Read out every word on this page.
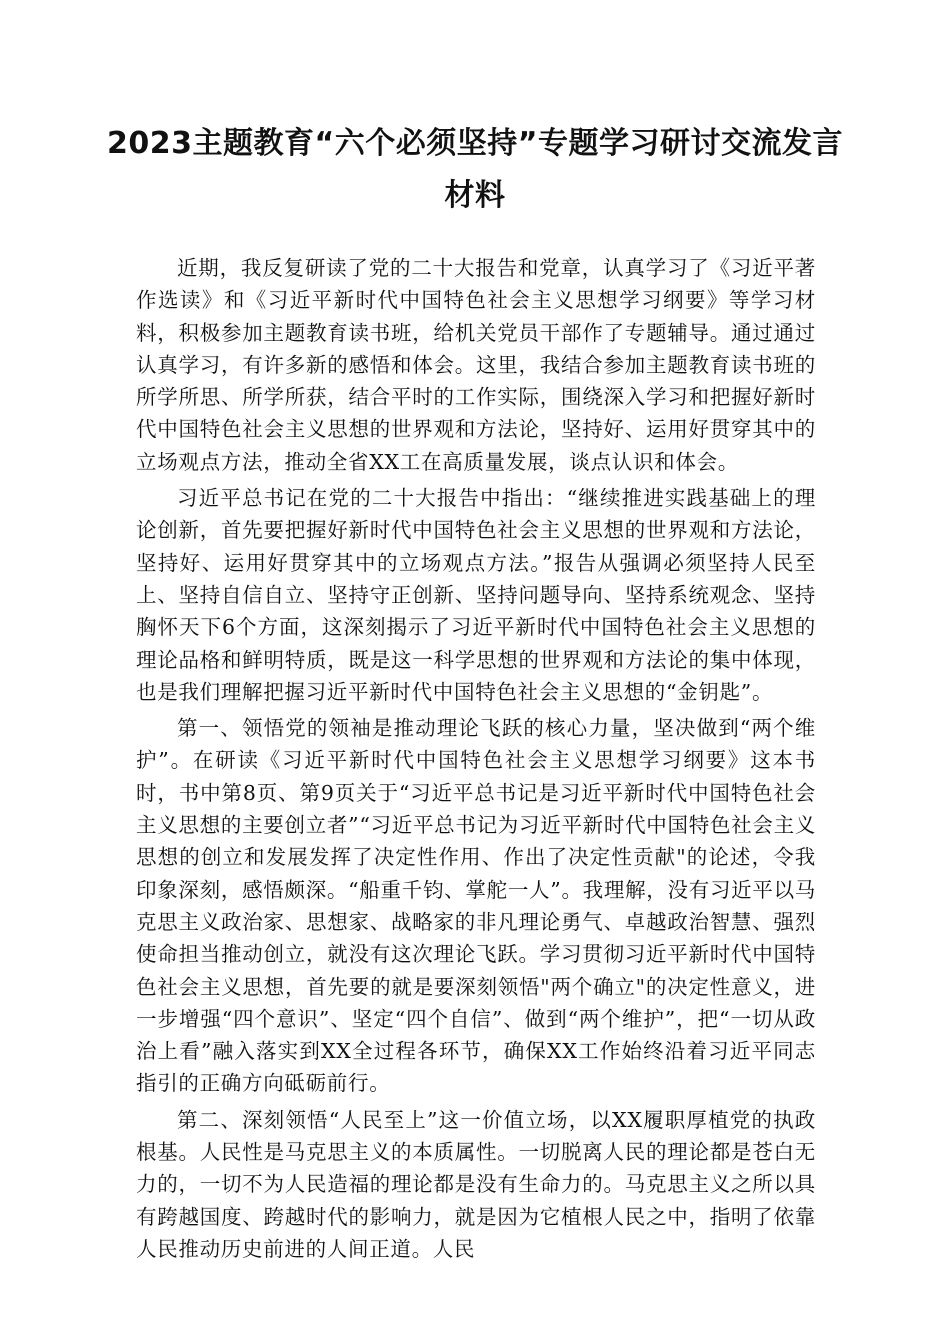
2023主题教育“六个必须坚持”专题学习研讨交流发言材料

近期，我反复研读了党的二十大报告和党章，认真学习了《习近平著作选读》和《习近平新时代中国特色社会主义思想学习纲要》等学习材料，积极参加主题教育读书班，给机关党员干部作了专题辅导。通过通过认真学习，有许多新的感悟和体会。这里，我结合参加主题教育读书班的所学所思、所学所获，结合平时的工作实际，围绕深入学习和把握好新时代中国特色社会主义思想的世界观和方法论，坚持好、运用好贯穿其中的立场观点方法，推动全省XX工在高质量发展，谈点认识和体会。

习近平总书记在党的二十大报告中指出：“继续推进实践基础上的理论创新，首先要把握好新时代中国特色社会主义思想的世界观和方法论，坚持好、运用好贯穿其中的立场观点方法。”报告从强调必须坚持人民至上、坚持自信自立、坚持守正创新、坚持问题导向、坚持系统观念、坚持胸怀天下6个方面，这深刻揭示了习近平新时代中国特色社会主义思想的理论品格和鲜明特质，既是这一科学思想的世界观和方法论的集中体现，也是我们理解把握习近平新时代中国特色社会主义思想的“金钥匙”。

第一、领悟党的领袖是推动理论飞跃的核心力量，坚决做到“两个维护”。在研读《习近平新时代中国特色社会主义思想学习纲要》这本书时，书中第8页、第9页关于“习近平总书记是习近平新时代中国特色社会主义思想的主要创立者”“习近平总书记为习近平新时代中国特色社会主义思想的创立和发展发挥了决定性作用、作出了决定性贡献"的论述，令我印象深刻，感悟颇深。“船重千钧、掌舵一人”。我理解，没有习近平以马克思主义政治家、思想家、战略家的非凡理论勇气、卓越政治智慧、强烈使命担当推动创立，就没有这次理论飞跃。学习贯彻习近平新时代中国特色社会主义思想，首先要的就是要深刻领悟"两个确立"的决定性意义，进一步增强“四个意识”、坚定“四个自信”、做到“两个维护”，把“一切从政治上看”融入落实到XX全过程各环节，确保XX工作始终沿着习近平同志指引的正确方向砥砺前行。

第二、深刻领悟“人民至上”这一价值立场，以XX履职厚植党的执政根基。人民性是马克思主义的本质属性。一切脱离人民的理论都是苍白无力的，一切不为人民造福的理论都是没有生命力的。马克思主义之所以具有跨越国度、跨越时代的影响力，就是因为它植根人民之中，指明了依靠人民推动历史前进的人间正道。人民
